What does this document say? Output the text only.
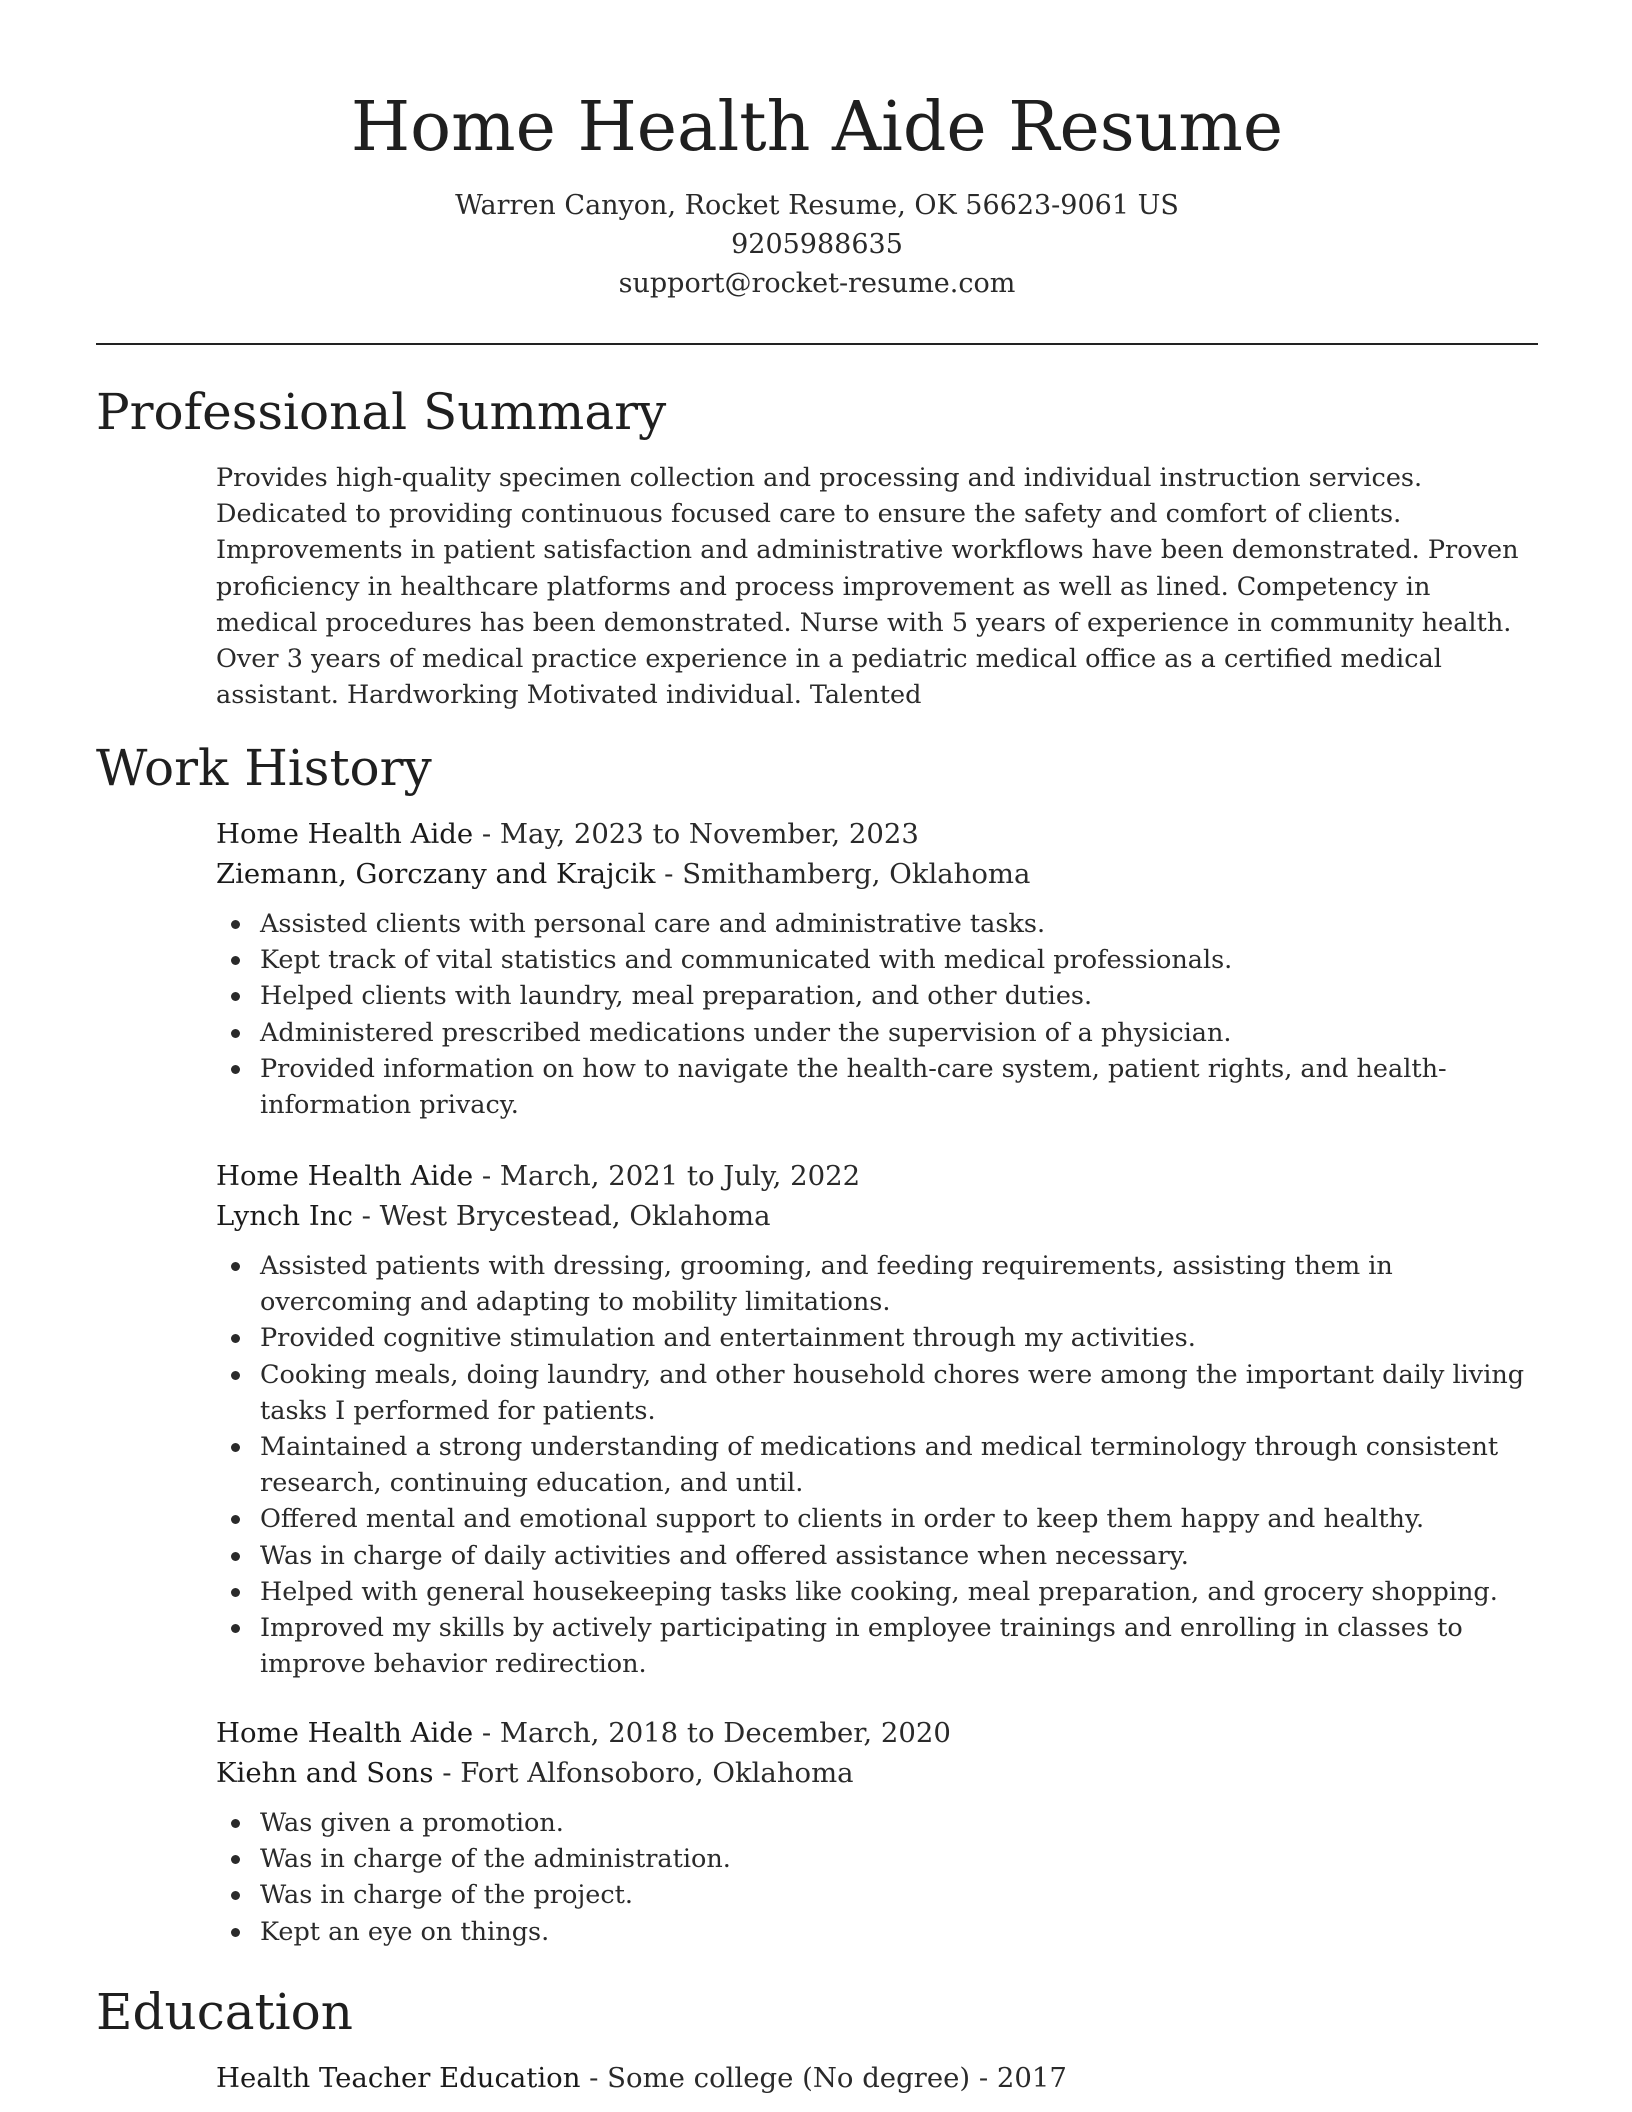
Home Health Aide Resume
Warren Canyon, Rocket Resume, OK 56623-9061 US
9205988635
support@rocket-resume.com
Professional Summary

Provides high-quality specimen collection and processing and individual instruction services. Dedicated to providing continuous focused care to ensure the safety and comfort of clients. Improvements in patient satisfaction and administrative workflows have been demonstrated. Proven proficiency in healthcare platforms and process improvement as well as lined. Competency in medical procedures has been demonstrated. Nurse with 5 years of experience in community health. Over 3 years of medical practice experience in a pediatric medical office as a certified medical assistant. Hardworking Motivated individual. Talented

Work History
Home Health Aide - May, 2023 to November, 2023
Ziemann, Gorczany and Krajcik - Smithamberg, Oklahoma
Assisted clients with personal care and administrative tasks.
Kept track of vital statistics and communicated with medical professionals.
Helped clients with laundry, meal preparation, and other duties.
Administered prescribed medications under the supervision of a physician.
Provided information on how to navigate the health-care system, patient rights, and health-information privacy.
Home Health Aide - March, 2021 to July, 2022
Lynch Inc - West Brycestead, Oklahoma
Assisted patients with dressing, grooming, and feeding requirements, assisting them in overcoming and adapting to mobility limitations.
Provided cognitive stimulation and entertainment through my activities.
Cooking meals, doing laundry, and other household chores were among the important daily living tasks I performed for patients.
Maintained a strong understanding of medications and medical terminology through consistent research, continuing education, and until.
Offered mental and emotional support to clients in order to keep them happy and healthy.
Was in charge of daily activities and offered assistance when necessary.
Helped with general housekeeping tasks like cooking, meal preparation, and grocery shopping.
Improved my skills by actively participating in employee trainings and enrolling in classes to improve behavior redirection.
Home Health Aide - March, 2018 to December, 2020
Kiehn and Sons - Fort Alfonsoboro, Oklahoma
Was given a promotion.
Was in charge of the administration.
Was in charge of the project.
Kept an eye on things.
Education
Health Teacher Education - Some college (No degree) - 2017
